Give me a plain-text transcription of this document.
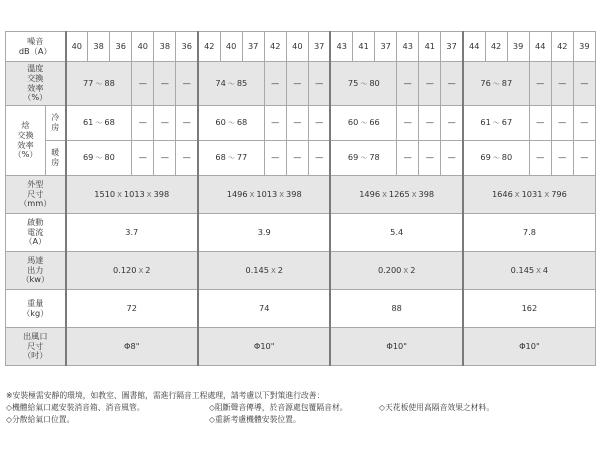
噪音
dB（A）		40	38	36	40	38	36	42	40	37	42	40	37	43	41	37	43	41	37	44	42	39	44	42	39
溫度
交換
效率
（%）		77 ～ 88			—	—	—	74 ～ 85			—	—	—	75 ～ 80			—	—	—	76 ～ 87			—	—	—
焓
交換
效率
（%）	冷
房	61 ～ 68			—	—	—	60 ～ 68			—	—	—	60 ～ 66			—	—	—	61 ～ 67			—	—	—
	暖
房	69 ～ 80			—	—	—	68 ～ 77			—	—	—	69 ～ 78			—	—	—	69 ～ 80			—	—	—
外型
尺寸
（mm）		1510 X 1013 X 398						1496 X 1013 X 398						1496 X 1265 X 398						1646 X 1031 X 796					
啟動
電流
（A）		3.7						3.9						5.4						7.8					
馬達
出力
（kw）		0.120 X 2						0.145 X 2						0.200 X 2						0.145 X 4					
重量
（kg）		72						74						88						162					
出風口
尺寸
（吋）		Φ8"						Φ10"						Φ10"						Φ10"					
※安裝極需安靜的環境，如教室、圖書館，需進行隔音工程處理，請考慮以下對策進行改善：
◇機體給氣口處安裝消音箱、消音風管。	◇阻斷聲音傳導，於音源處包覆隔音材。	◇天花板使用高隔音效果之材料。
◇分散給氣口位置。	◇重新考慮機體安裝位置。
